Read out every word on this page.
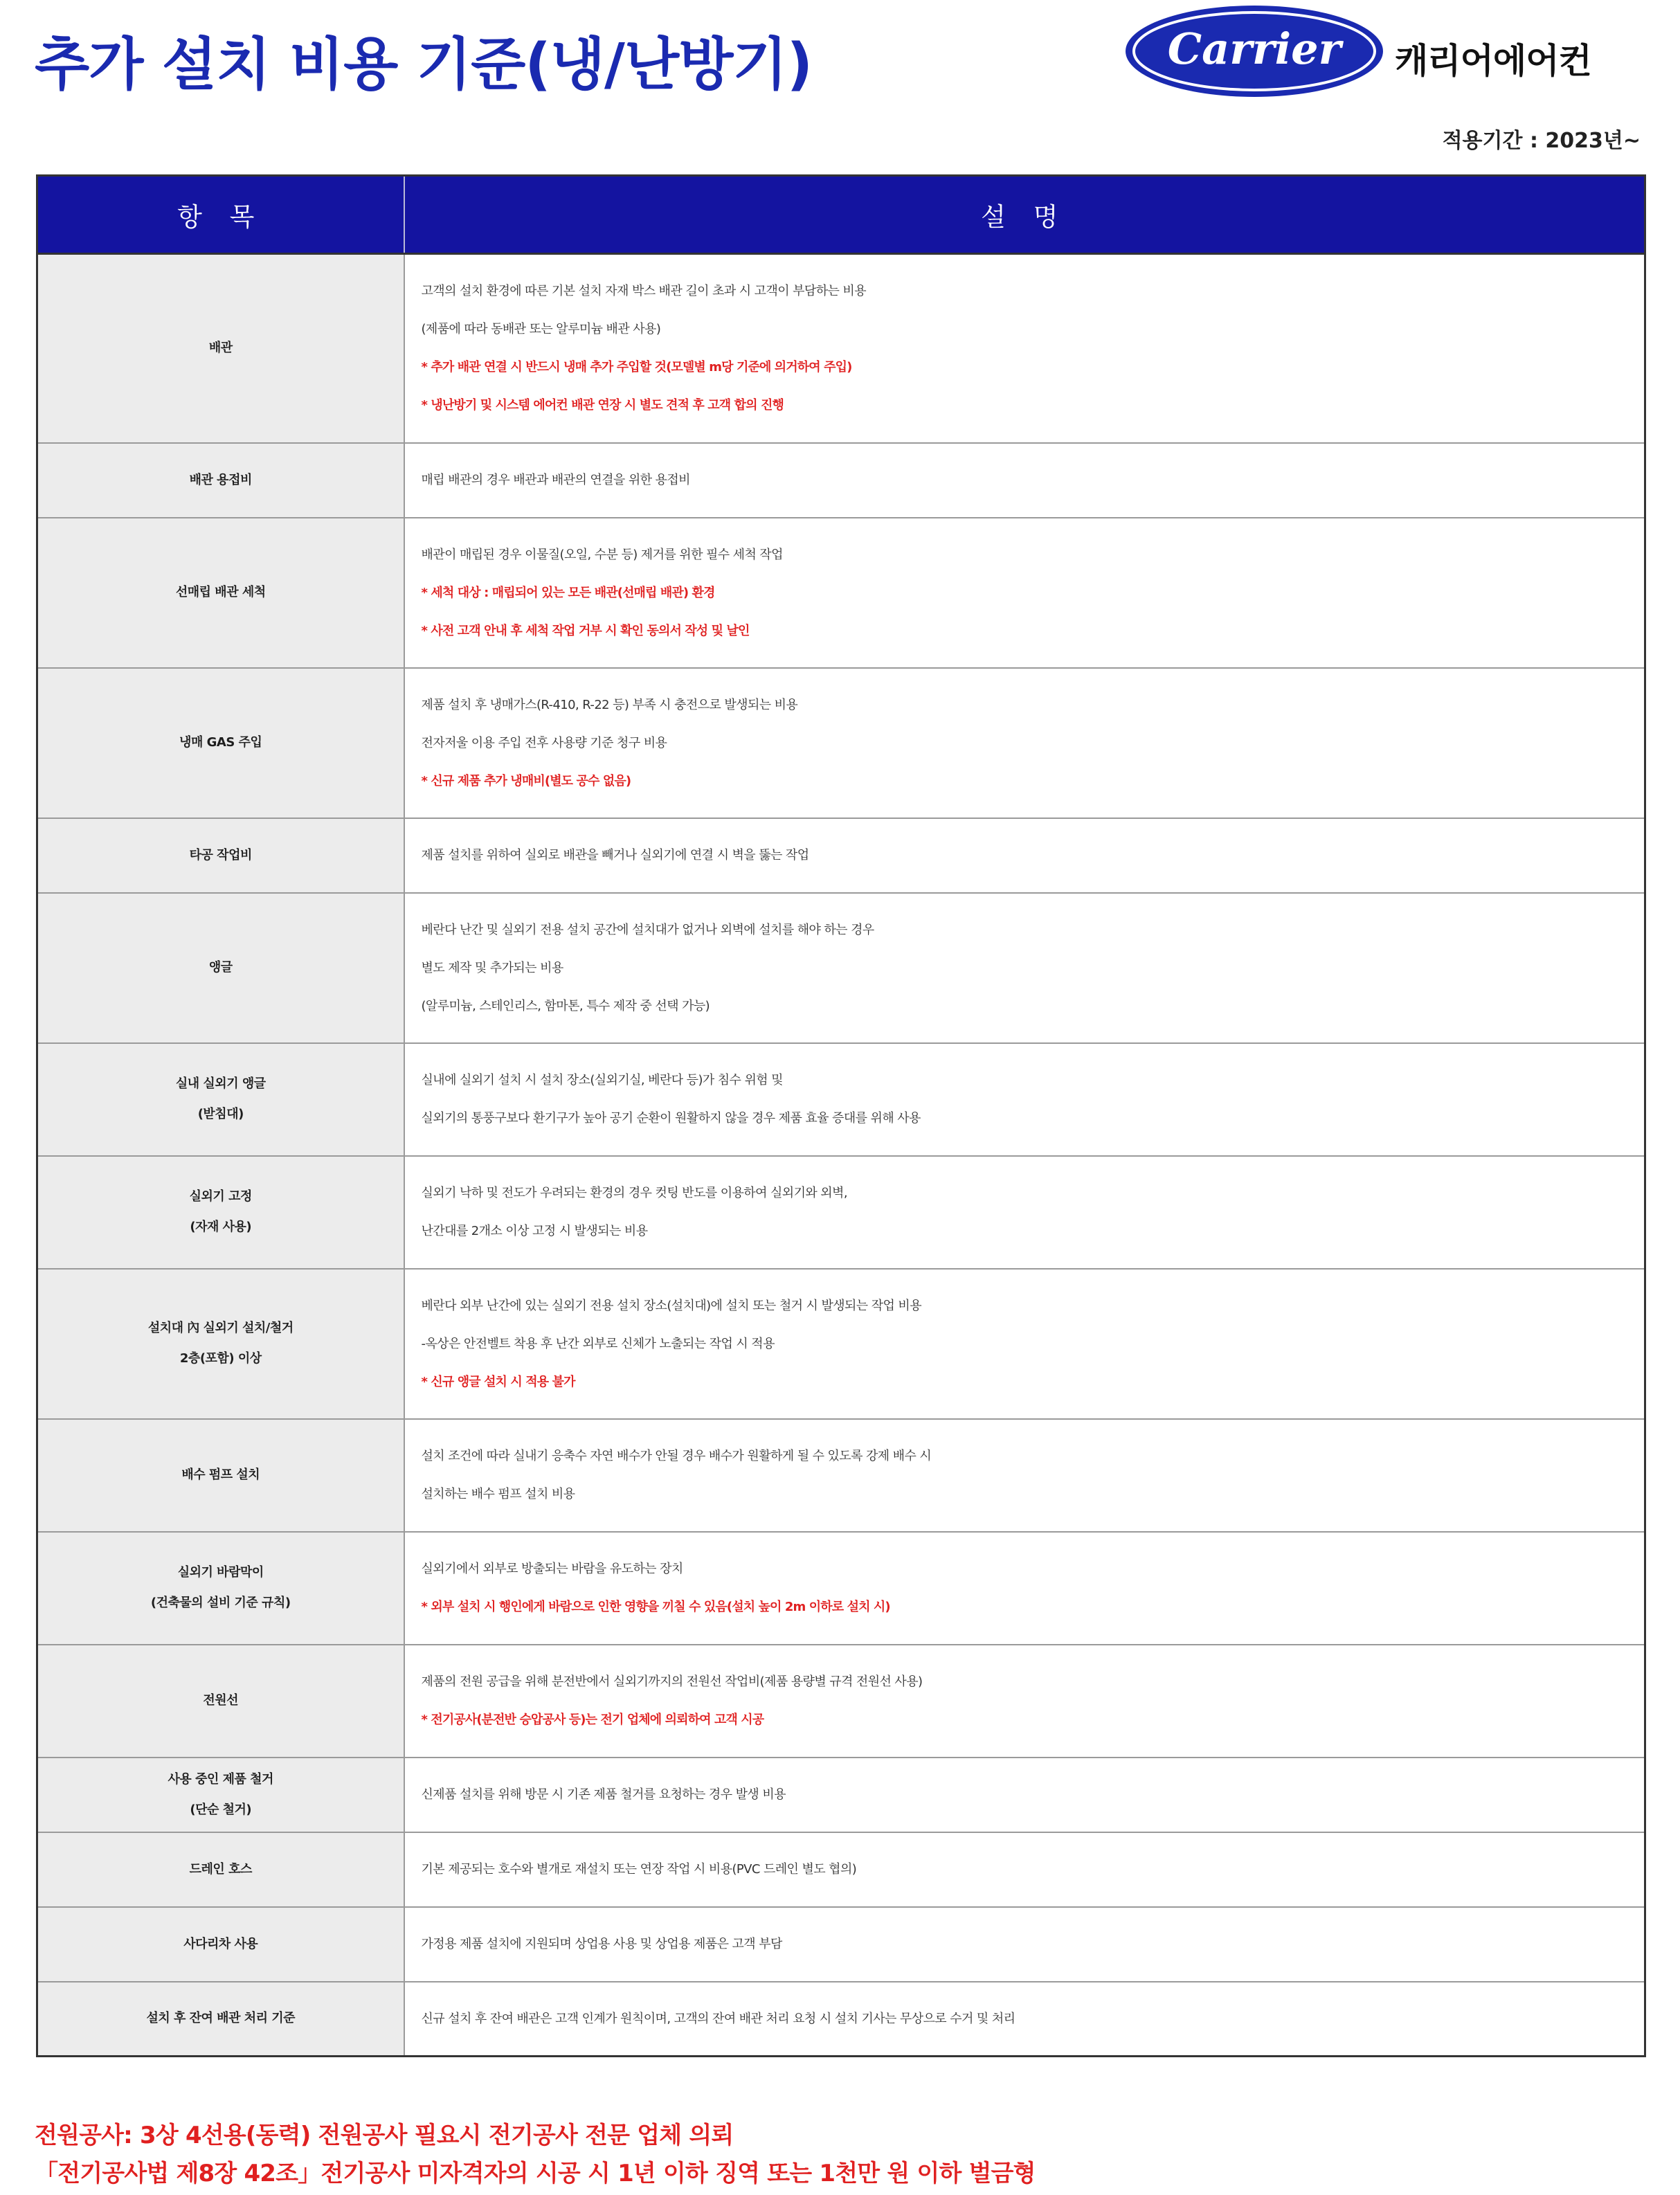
추가 설치 비용 기준(냉/난방기)	Carrier 캐리어에어컨
적용기간 : 2023년~
항 목	설 명

배관	고객의 설치 환경에 따른 기본 설치 자재 박스 배관 길이 초과 시 고객이 부담하는 비용
(제품에 따라 동배관 또는 알루미늄 배관 사용)
* 추가 배관 연결 시 반드시 냉매 추가 주입할 것(모델별 m당 기준에 의거하여 주입)
* 냉난방기 및 시스템 에어컨 배관 연장 시 별도 견적 후 고객 합의 진행

배관 용접비	매립 배관의 경우 배관과 배관의 연결을 위한 용접비

선매립 배관 세척	배관이 매립된 경우 이물질(오일, 수분 등) 제거를 위한 필수 세척 작업
* 세척 대상 : 매립되어 있는 모든 배관(선매립 배관) 환경
* 사전 고객 안내 후 세척 작업 거부 시 확인 동의서 작성 및 날인

냉매 GAS 주입	제품 설치 후 냉매가스(R-410, R-22 등) 부족 시 충전으로 발생되는 비용
전자저울 이용 주입 전후 사용량 기준 청구 비용
* 신규 제품 추가 냉매비(별도 공수 없음)

타공 작업비	제품 설치를 위하여 실외로 배관을 빼거나 실외기에 연결 시 벽을 뚫는 작업

앵글	베란다 난간 및 실외기 전용 설치 공간에 설치대가 없거나 외벽에 설치를 해야 하는 경우
별도 제작 및 추가되는 비용
(알루미늄, 스테인리스, 함마톤, 특수 제작 중 선택 가능)

실내 실외기 앵글
(받침대)	실내에 실외기 설치 시 설치 장소(실외기실, 베란다 등)가 침수 위험 및
실외기의 통풍구보다 환기구가 높아 공기 순환이 원활하지 않을 경우 제품 효율 증대를 위해 사용

실외기 고정
(자재 사용)	실외기 낙하 및 전도가 우려되는 환경의 경우 컷팅 반도를 이용하여 실외기와 외벽,
난간대를 2개소 이상 고정 시 발생되는 비용

설치대 內 실외기 설치/철거
2층(포함) 이상	베란다 외부 난간에 있는 실외기 전용 설치 장소(설치대)에 설치 또는 철거 시 발생되는 작업 비용
-옥상은 안전벨트 착용 후 난간 외부로 신체가 노출되는 작업 시 적용
* 신규 앵글 설치 시 적용 불가

배수 펌프 설치	설치 조건에 따라 실내기 응축수 자연 배수가 안될 경우 배수가 원활하게 될 수 있도록 강제 배수 시
설치하는 배수 펌프 설치 비용

실외기 바람막이
(건축물의 설비 기준 규칙)	실외기에서 외부로 방출되는 바람을 유도하는 장치
* 외부 설치 시 행인에게 바람으로 인한 영향을 끼칠 수 있음(설치 높이 2m 이하로 설치 시)

전원선	제품의 전원 공급을 위해 분전반에서 실외기까지의 전원선 작업비(제품 용량별 규격 전원선 사용)
* 전기공사(분전반 승압공사 등)는 전기 업체에 의뢰하여 고객 시공

사용 중인 제품 철거
(단순 철거)	신제품 설치를 위해 방문 시 기존 제품 철거를 요청하는 경우 발생 비용

드레인 호스	기본 제공되는 호수와 별개로 재설치 또는 연장 작업 시 비용(PVC 드레인 별도 협의)

사다리차 사용	가정용 제품 설치에 지원되며 상업용 사용 및 상업용 제품은 고객 부담

설치 후 잔여 배관 처리 기준	신규 설치 후 잔여 배관은 고객 인계가 원칙이며, 고객의 잔여 배관 처리 요청 시 설치 기사는 무상으로 수거 및 처리
전원공사: 3상 4선용(동력) 전원공사 필요시 전기공사 전문 업체 의뢰
「전기공사법 제8장 42조」전기공사 미자격자의 시공 시 1년 이하 징역 또는 1천만 원 이하 벌금형
